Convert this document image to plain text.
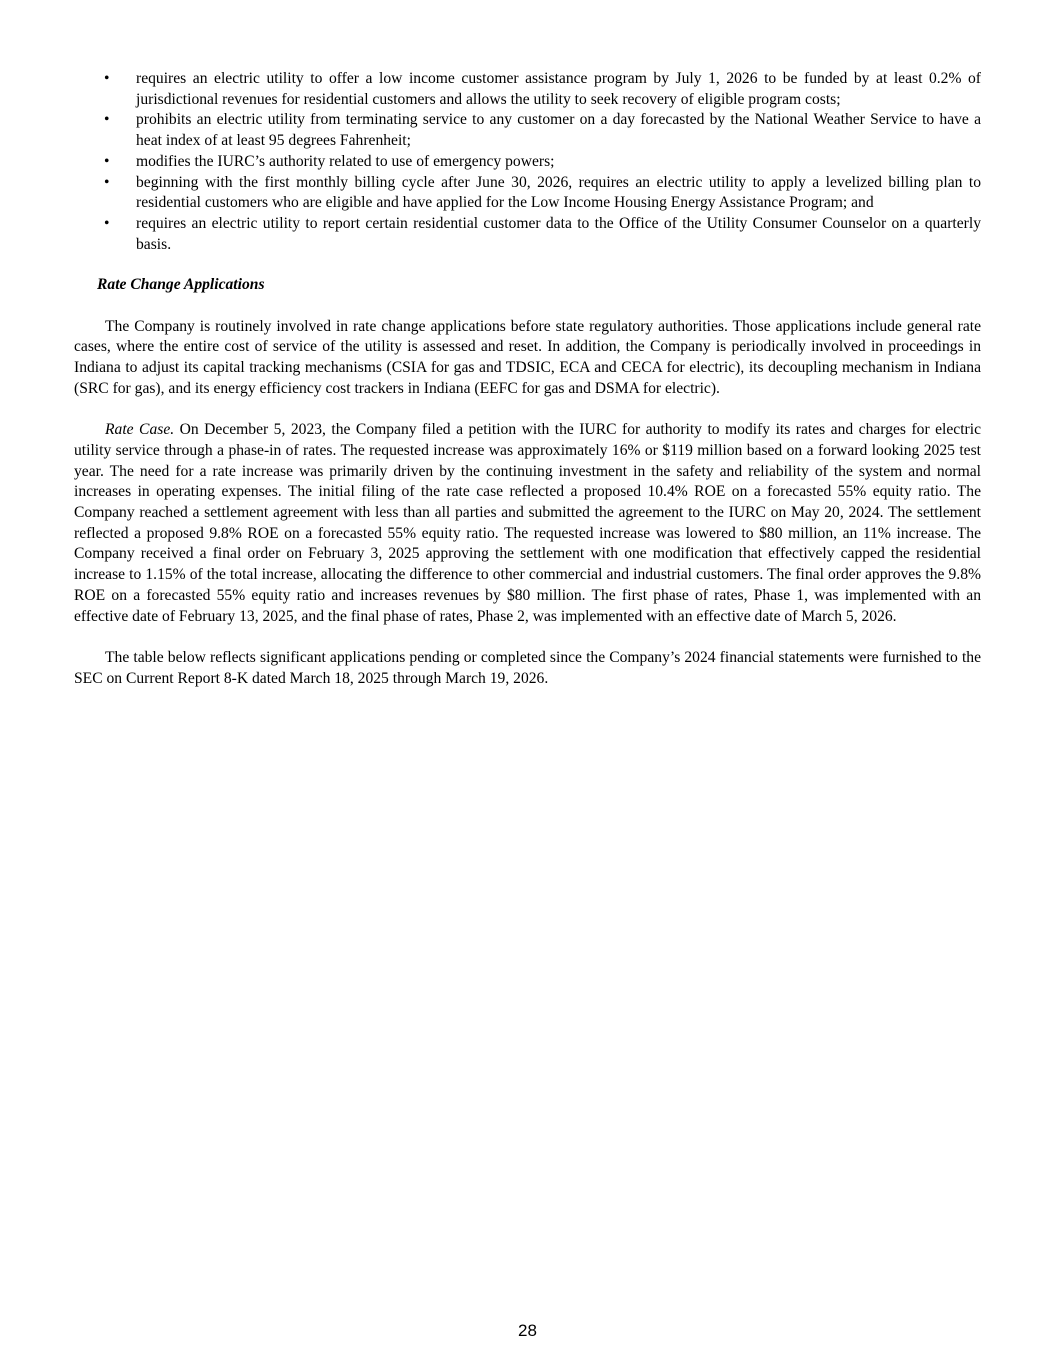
• requires an electric utility to offer a low income customer assistance program by July 1, 2026 to be funded by at least 0.2% of jurisdictional revenues for residential customers and allows the utility to seek recovery of eligible program costs;
• prohibits an electric utility from terminating service to any customer on a day forecasted by the National Weather Service to have a heat index of at least 95 degrees Fahrenheit;
• modifies the IURC’s authority related to use of emergency powers;
• beginning with the first monthly billing cycle after June 30, 2026, requires an electric utility to apply a levelized billing plan to residential customers who are eligible and have applied for the Low Income Housing Energy Assistance Program; and
• requires an electric utility to report certain residential customer data to the Office of the Utility Consumer Counselor on a quarterly basis.
Rate Change Applications

The Company is routinely involved in rate change applications before state regulatory authorities. Those applications include general rate cases, where the entire cost of service of the utility is assessed and reset. In addition, the Company is periodically involved in proceedings in Indiana to adjust its capital tracking mechanisms (CSIA for gas and TDSIC, ECA and CECA for electric), its decoupling mechanism in Indiana (SRC for gas), and its energy efficiency cost trackers in Indiana (EEFC for gas and DSMA for electric).

Rate Case. On December 5, 2023, the Company filed a petition with the IURC for authority to modify its rates and charges for electric utility service through a phase-in of rates. The requested increase was approximately 16% or $119 million based on a forward looking 2025 test year. The need for a rate increase was primarily driven by the continuing investment in the safety and reliability of the system and normal increases in operating expenses. The initial filing of the rate case reflected a proposed 10.4% ROE on a forecasted 55% equity ratio. The Company reached a settlement agreement with less than all parties and submitted the agreement to the IURC on May 20, 2024. The settlement reflected a proposed 9.8% ROE on a forecasted 55% equity ratio. The requested increase was lowered to $80 million, an 11% increase. The Company received a final order on February 3, 2025 approving the settlement with one modification that effectively capped the residential increase to 1.15% of the total increase, allocating the difference to other commercial and industrial customers. The final order approves the 9.8% ROE on a forecasted 55% equity ratio and increases revenues by $80 million. The first phase of rates, Phase 1, was implemented with an effective date of February 13, 2025, and the final phase of rates, Phase 2, was implemented with an effective date of March 5, 2026.

The table below reflects significant applications pending or completed since the Company’s 2024 financial statements were furnished to the SEC on Current Report 8-K dated March 18, 2025 through March 19, 2026.

28
